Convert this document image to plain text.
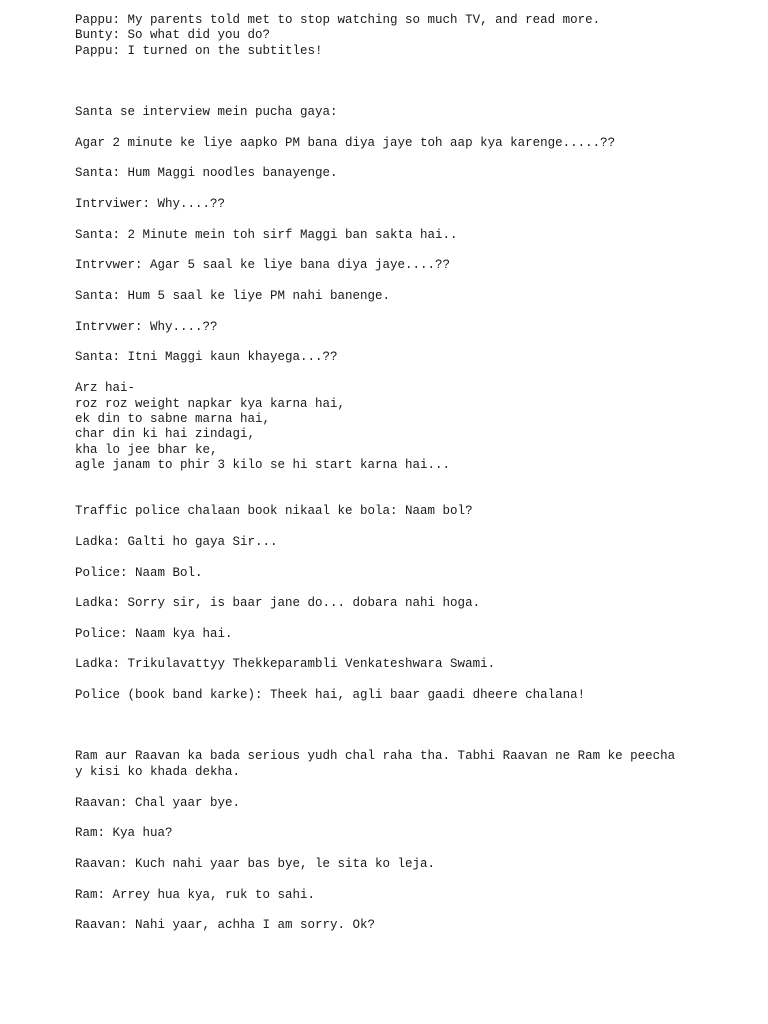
Pappu: My parents told met to stop watching so much TV, and read more.
Bunty: So what did you do?
Pappu: I turned on the subtitles!
Santa se interview mein pucha gaya:
Agar 2 minute ke liye aapko PM bana diya jaye toh aap kya karenge.....??
Santa: Hum Maggi noodles banayenge.
Intrviwer: Why....??
Santa: 2 Minute mein toh sirf Maggi ban sakta hai..
Intrvwer: Agar 5 saal ke liye bana diya jaye....??
Santa: Hum 5 saal ke liye PM nahi banenge.
Intrvwer: Why....??
Santa: Itni Maggi kaun khayega...??
Arz hai-
roz roz weight napkar kya karna hai,
ek din to sabne marna hai,
char din ki hai zindagi,
kha lo jee bhar ke,
agle janam to phir 3 kilo se hi start karna hai...
Traffic police chalaan book nikaal ke bola: Naam bol?
Ladka: Galti ho gaya Sir...
Police: Naam Bol.
Ladka: Sorry sir, is baar jane do... dobara nahi hoga.
Police: Naam kya hai.
Ladka: Trikulavattyy Thekkeparambli Venkateshwara Swami.
Police (book band karke): Theek hai, agli baar gaadi dheere chalana!
Ram aur Raavan ka bada serious yudh chal raha tha. Tabhi Raavan ne Ram ke peecha
y kisi ko khada dekha.
Raavan: Chal yaar bye.
Ram: Kya hua?
Raavan: Kuch nahi yaar bas bye, le sita ko leja.
Ram: Arrey hua kya, ruk to sahi.
Raavan: Nahi yaar, achha I am sorry. Ok?
